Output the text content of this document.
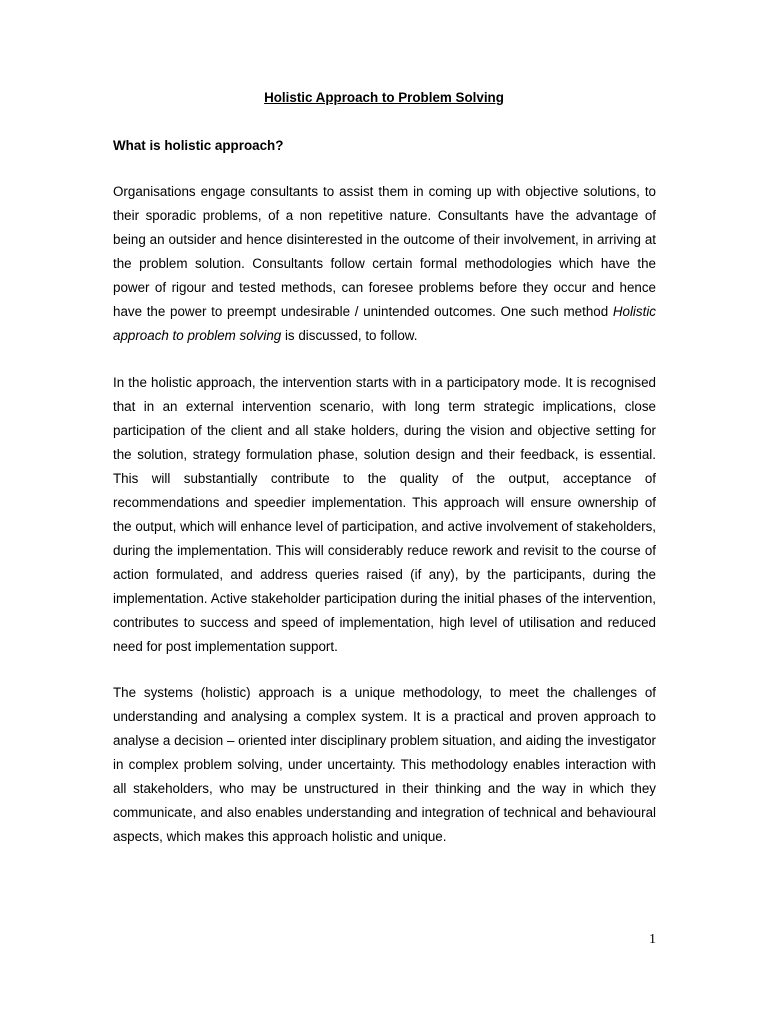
Holistic Approach to Problem Solving
What is holistic approach?

Organisations engage consultants to assist them in coming up with objective solutions, to their sporadic problems, of a non repetitive nature. Consultants have the advantage of being an outsider and hence disinterested in the outcome of their involvement, in arriving at the problem solution. Consultants follow certain formal methodologies which have the power of rigour and tested methods, can foresee problems before they occur and hence have the power to preempt undesirable / unintended outcomes. One such method Holistic approach to problem solving is discussed, to follow.

In the holistic approach, the intervention starts with in a participatory mode. It is recognised that in an external intervention scenario, with long term strategic implications, close participation of the client and all stake holders, during the vision and objective setting for the solution, strategy formulation phase, solution design and their feedback, is essential. This will substantially contribute to the quality of the output, acceptance of recommendations and speedier implementation. This approach will ensure ownership of the output, which will enhance level of participation, and active involvement of stakeholders, during the implementation. This will considerably reduce rework and revisit to the course of action formulated, and address queries raised (if any), by the participants, during the implementation. Active stakeholder participation during the initial phases of the intervention, contributes to success and speed of implementation, high level of utilisation and reduced need for post implementation support.

The systems (holistic) approach is a unique methodology, to meet the challenges of understanding and analysing a complex system. It is a practical and proven approach to analyse a decision – oriented inter disciplinary problem situation, and aiding the investigator in complex problem solving, under uncertainty. This methodology enables interaction with all stakeholders, who may be unstructured in their thinking and the way in which they communicate, and also enables understanding and integration of technical and behavioural aspects, which makes this approach holistic and unique.

1
